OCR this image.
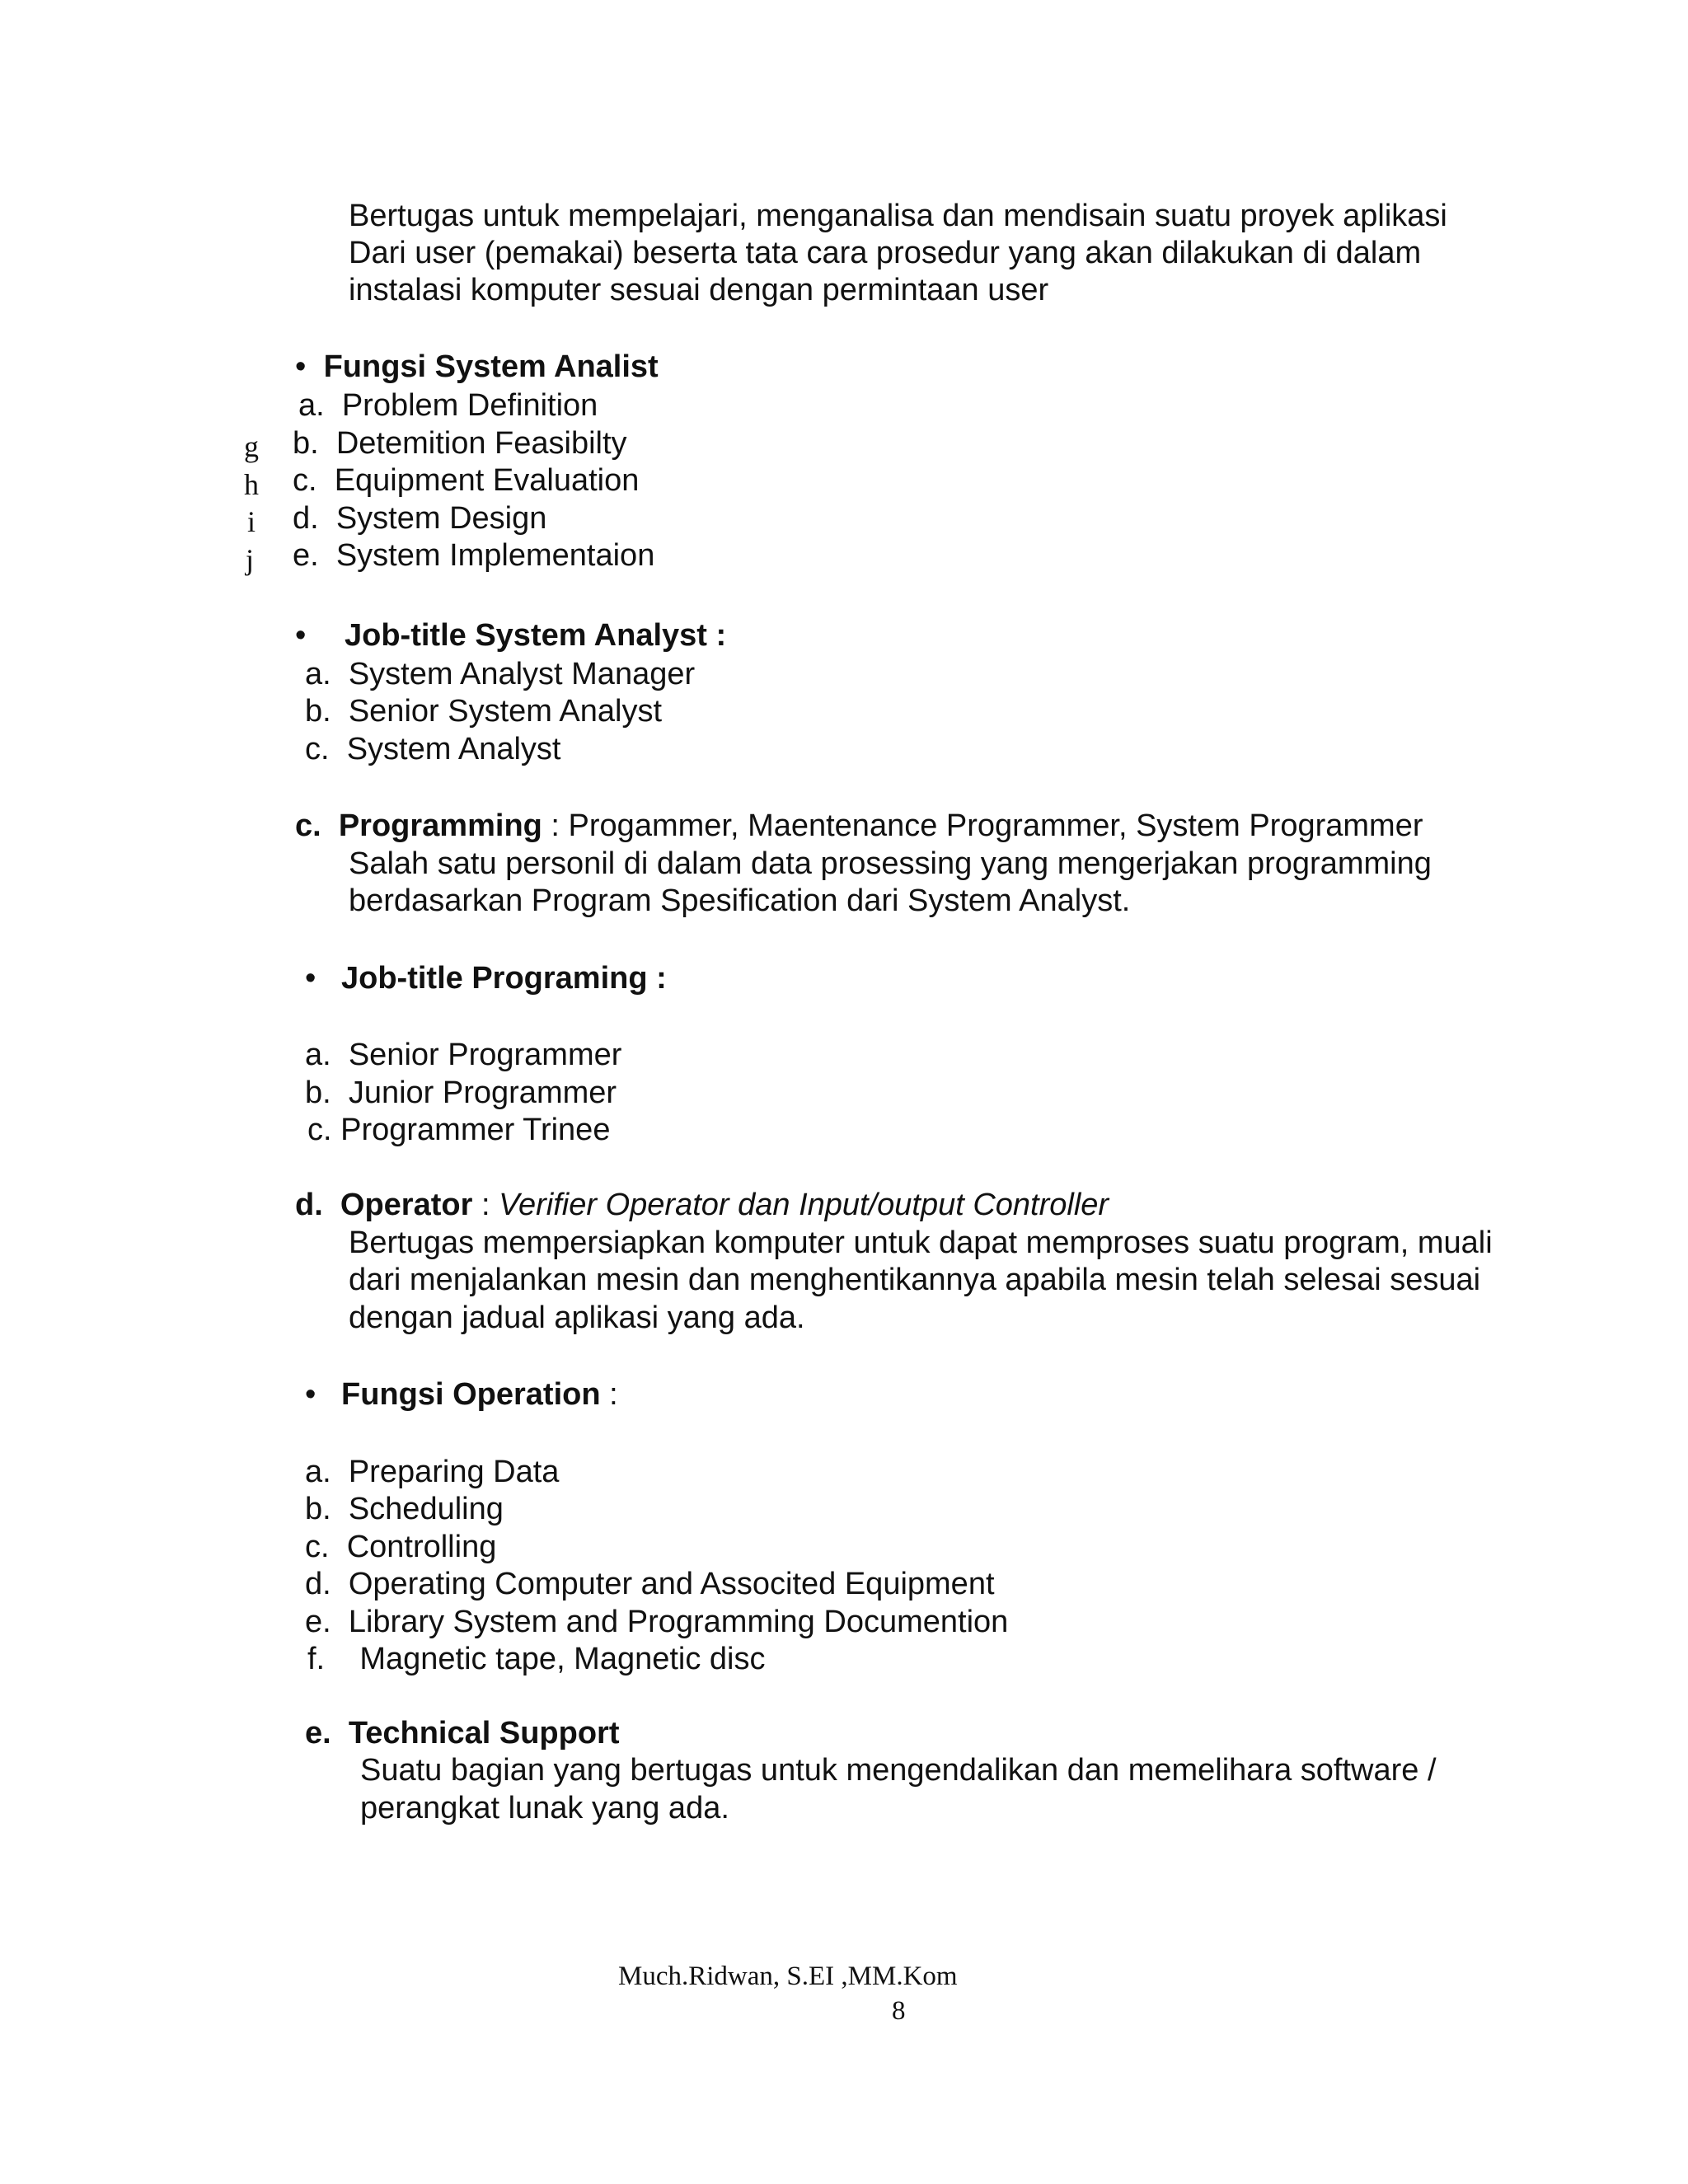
Bertugas untuk mempelajari, menganalisa dan mendisain suatu proyek aplikasi

Dari user (pemakai) beserta tata cara prosedur yang akan dilakukan di dalam

instalasi komputer sesuai dengan permintaan user

• Fungsi System Analist

a. Problem Definition

b. Detemition Feasibilty

c. Equipment Evaluation

d. System Design

e. System Implementaion

g
h
i
j

• Job-title System Analyst :

a. System Analyst Manager

b. Senior System Analyst

c. System Analyst

c. Programming : Progammer, Maentenance Programmer, System Programmer

Salah satu personil di dalam data prosessing yang mengerjakan programming

berdasarkan Program Spesification dari System Analyst.

• Job-title Programing :

a. Senior Programmer

b. Junior Programmer

c. Programmer Trinee

d. Operator : Verifier Operator dan Input/output Controller

Bertugas mempersiapkan komputer untuk dapat memproses suatu program, muali

dari menjalankan mesin dan menghentikannya apabila mesin telah selesai sesuai

dengan jadual aplikasi yang ada.

• Fungsi Operation :

a. Preparing Data

b. Scheduling

c. Controlling

d. Operating Computer and Associted Equipment

e. Library System and Programming Documention

f. Magnetic tape, Magnetic disc

e. Technical Support

Suatu bagian yang bertugas untuk mengendalikan dan memelihara software /

perangkat lunak yang ada.

Much.Ridwan, S.EI ,MM.Kom
8
